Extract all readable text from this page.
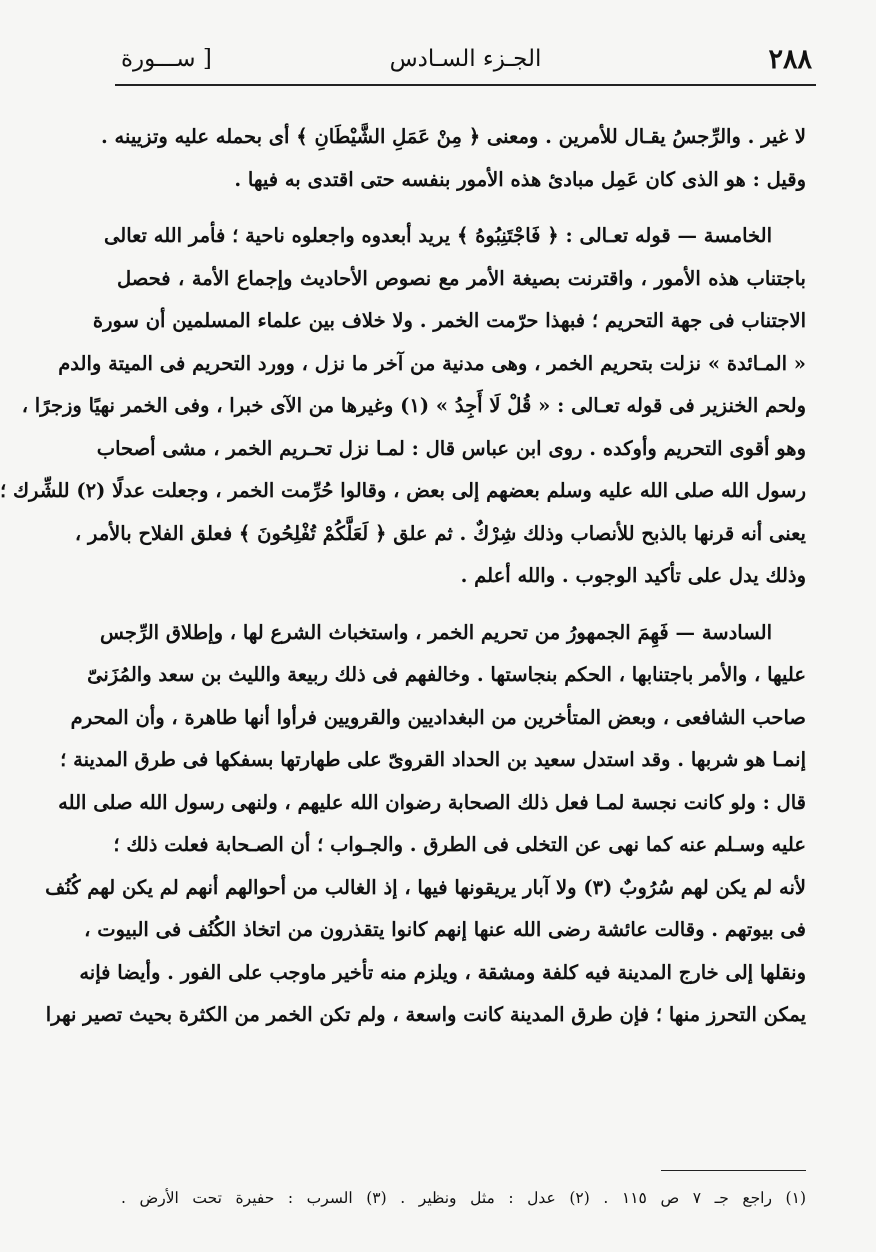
٢٨٨
الجـزء السـادس
[ ســـورة
لا غير . والرِّجسُ يقـال للأمرين . ومعنى ﴿ مِنْ عَمَلِ الشَّيْطَانِ ﴾ أى بحمله عليه وتزيينه .
وقيل : هو الذى كان عَمِل مبادئ هذه الأمور بنفسه حتى اقتدى به فيها .
الخامسة — قوله تعـالى : ﴿ فَاجْتَنِبُوهُ ﴾ يريد أبعدوه واجعلوه ناحية ؛ فأمر الله تعالى
باجتناب هذه الأمور ، واقترنت بصيغة الأمر مع نصوص الأحاديث وإجماع الأمة ، فحصل
الاجتناب فى جهة التحريم ؛ فبهذا حرّمت الخمر . ولا خلاف بين علماء المسلمين أن سورة
« المـائدة » نزلت بتحريم الخمر ، وهى مدنية من آخر ما نزل ، وورد التحريم فى الميتة والدم
ولحم الخنزير فى قوله تعـالى : « قُلْ لَا أَجِدُ » (١) وغيرها من الآى خبرا ، وفى الخمر نهيًا وزجرًا ،
وهو أقوى التحريم وأوكده . روى ابن عباس قال : لمـا نزل تحـريم الخمر ، مشى أصحاب
رسول الله صلى الله عليه وسلم بعضهم إلى بعض ، وقالوا حُرِّمت الخمر ، وجعلت عدلًا (٢) للشِّرك ؛
يعنى أنه قرنها بالذبح للأنصاب وذلك شِرْكٌ . ثم علق ﴿ لَعَلَّكُمْ تُفْلِحُونَ ﴾ فعلق الفلاح بالأمر ،
وذلك يدل على تأكيد الوجوب . والله أعلم .
السادسة — فَهِمَ الجمهورُ من تحريم الخمر ، واستخباث الشرع لها ، وإطلاق الرِّجس
عليها ، والأمر باجتنابها ، الحكم بنجاستها . وخالفهم فى ذلك ربيعة والليث بن سعد والمُزَنىّ
صاحب الشافعى ، وبعض المتأخرين من البغداديين والقرويين فرأوا أنها طاهرة ، وأن المحرم
إنمـا هو شربها . وقد استدل سعيد بن الحداد القروىّ على طهارتها بسفكها فى طرق المدينة ؛
قال : ولو كانت نجسة لمـا فعل ذلك الصحابة رضوان الله عليهم ، ولنهى رسول الله صلى الله
عليه وسـلم عنه كما نهى عن التخلى فى الطرق . والجـواب ؛ أن الصـحابة فعلت ذلك ؛
لأنه لم يكن لهم سُرُوبٌ (٣) ولا آبار يريقونها فيها ، إذ الغالب من أحوالهم أنهم لم يكن لهم كُنُف
فى بيوتهم . وقالت عائشة رضى الله عنها إنهم كانوا يتقذرون من اتخاذ الكُنُف فى البيوت ،
ونقلها إلى خارج المدينة فيه كلفة ومشقة ، ويلزم منه تأخير ماوجب على الفور . وأيضا فإنه
يمكن التحرز منها ؛ فإن طرق المدينة كانت واسعة ، ولم تكن الخمر من الكثرة بحيث تصير نهرا
(١) راجع جـ ٧ ص ١١٥ . (٢) عدل : مثل ونظير . (٣) السرب : حفيرة تحت الأرض .
